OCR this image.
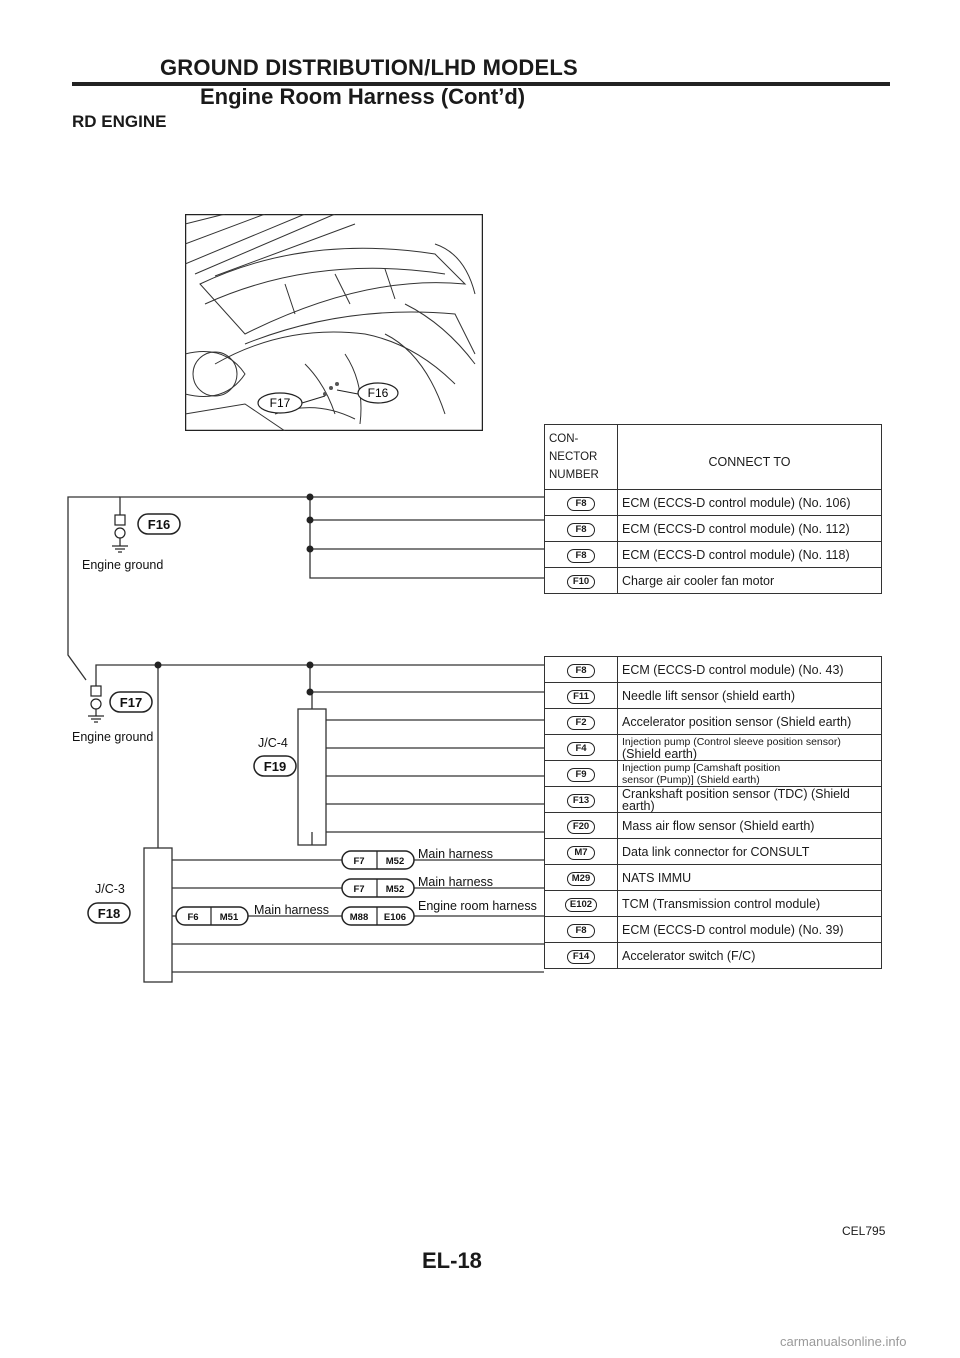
GROUND DISTRIBUTION/LHD MODELS
Engine Room Harness (Cont’d)
RD ENGINE
F17
F16
CON-
NECTOR
NUMBER	CONNECT TO
F8	ECM (ECCS-D control module) (No. 106)
F8	ECM (ECCS-D control module) (No. 112)
F8	ECM (ECCS-D control module) (No. 118)
F10	Charge air cooler fan motor

F8	ECM (ECCS-D control module) (No. 43)
F11	Needle lift sensor (shield earth)
F2	Accelerator position sensor (Shield earth)
F4	Injection pump (Control sleeve position sensor)
(Shield earth)

F9	Injection pump [Camshaft position
sensor (Pump)] (Shield earth)

F13	Crankshaft position sensor (TDC) (Shield earth)
F20	Mass air flow sensor (Shield earth)
M7	Data link connector for CONSULT
M29	NATS IMMU
E102	TCM (Transmission control module)
F8	ECM (ECCS-D control module) (No. 39)
F14	Accelerator switch (F/C)
F16
F17
F19
F18
F7 M52
F7 M52
F6 M51	M88 E106
Engine ground
Engine ground	J/C-4
J/C-3
Main harness
Main harness
Main harness	Engine room harness
CEL795
EL-18
carmanualsonline.info
